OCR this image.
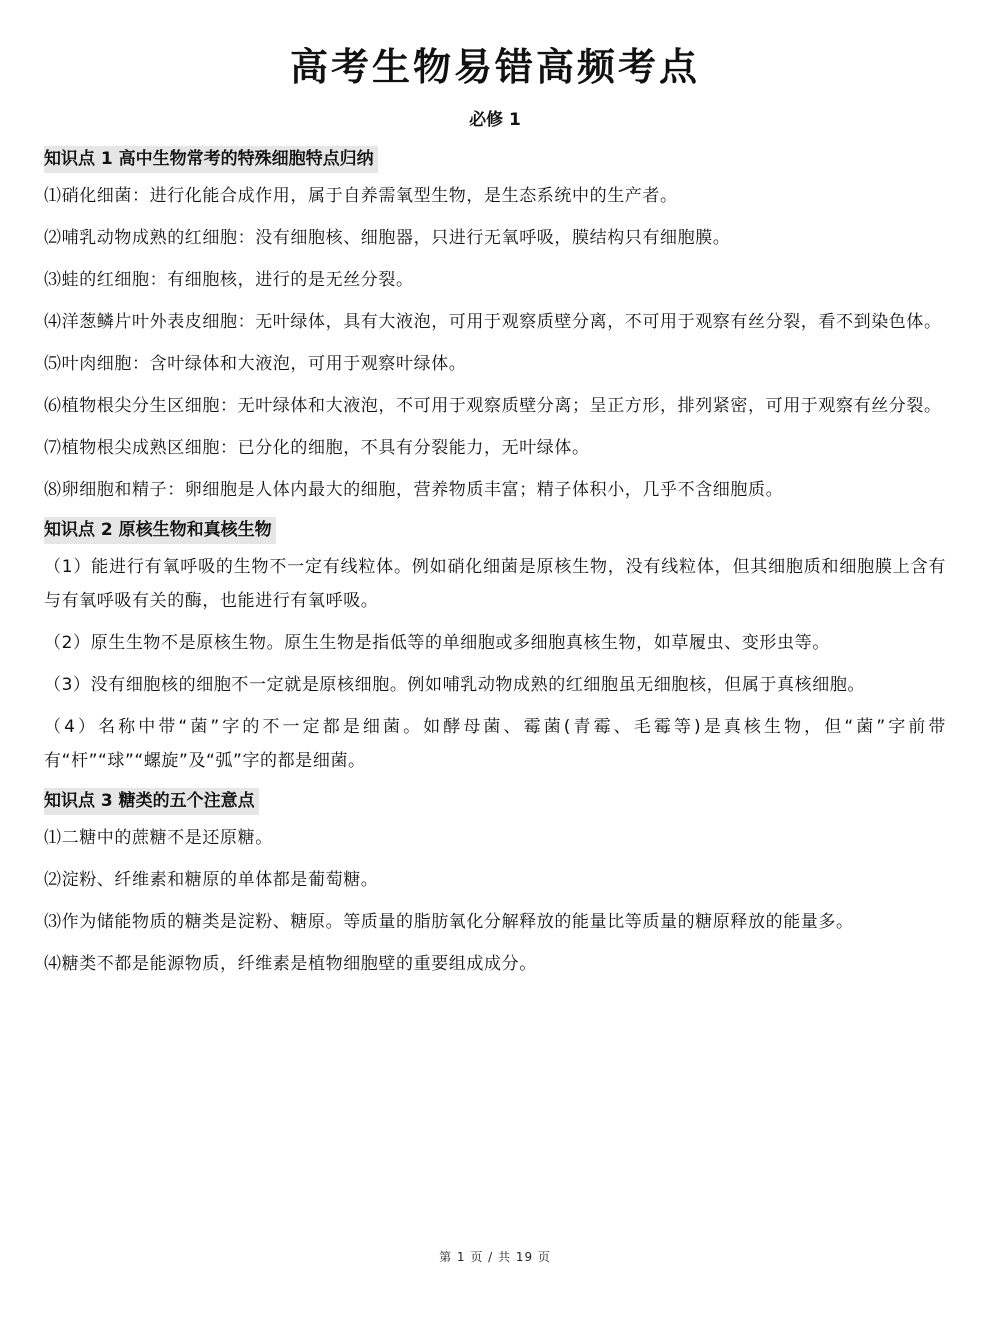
高考生物易错高频考点
必修 1
知识点 1 高中生物常考的特殊细胞特点归纳

⑴硝化细菌：进行化能合成作用，属于自养需氧型生物，是生态系统中的生产者。

⑵哺乳动物成熟的红细胞：没有细胞核、细胞器，只进行无氧呼吸，膜结构只有细胞膜。

⑶蛙的红细胞：有细胞核，进行的是无丝分裂。

⑷洋葱鳞片叶外表皮细胞：无叶绿体，具有大液泡，可用于观察质壁分离，不可用于观察有丝分裂，看不到染色体。

⑸叶肉细胞：含叶绿体和大液泡，可用于观察叶绿体。

⑹植物根尖分生区细胞：无叶绿体和大液泡，不可用于观察质壁分离；呈正方形，排列紧密，可用于观察有丝分裂。

⑺植物根尖成熟区细胞：已分化的细胞，不具有分裂能力，无叶绿体。

⑻卵细胞和精子：卵细胞是人体内最大的细胞，营养物质丰富；精子体积小，几乎不含细胞质。

知识点 2 原核生物和真核生物

（1）能进行有氧呼吸的生物不一定有线粒体。例如硝化细菌是原核生物，没有线粒体，但其细胞质和细胞膜上含有与有氧呼吸有关的酶，也能进行有氧呼吸。

（2）原生生物不是原核生物。原生生物是指低等的单细胞或多细胞真核生物，如草履虫、变形虫等。

（3）没有细胞核的细胞不一定就是原核细胞。例如哺乳动物成熟的红细胞虽无细胞核，但属于真核细胞。

（4）名称中带“菌”字的不一定都是细菌。如酵母菌、霉菌(青霉、毛霉等)是真核生物，但“菌”字前带有“杆”“球”“螺旋”及“弧”字的都是细菌。

知识点 3 糖类的五个注意点

⑴二糖中的蔗糖不是还原糖。

⑵淀粉、纤维素和糖原的单体都是葡萄糖。

⑶作为储能物质的糖类是淀粉、糖原。等质量的脂肪氧化分解释放的能量比等质量的糖原释放的能量多。

⑷糖类不都是能源物质，纤维素是植物细胞壁的重要组成成分。

第 1 页 / 共 19 页
